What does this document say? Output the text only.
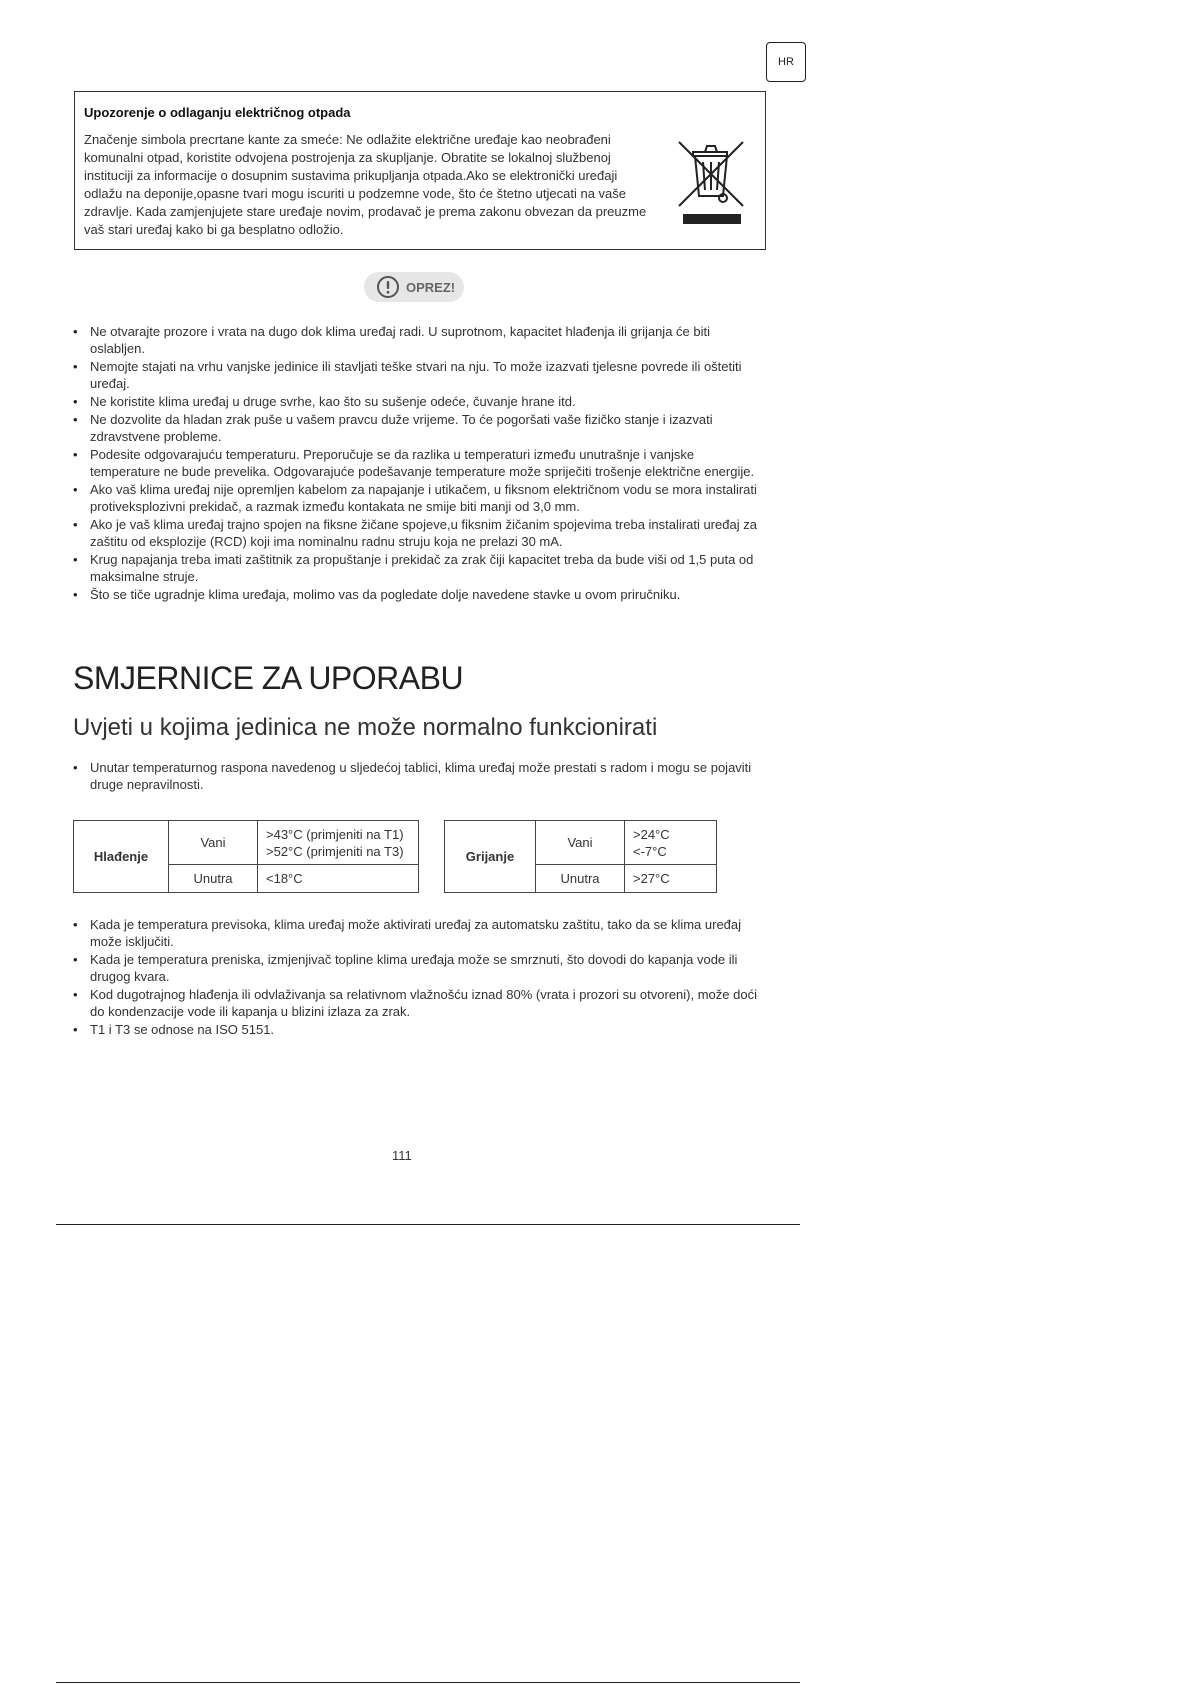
HR
Upozorenje o odlaganju električnog otpada

Značenje simbola precrtane kante za smeće: Ne odlažite električne uređaje kao neobrađeni komunalni otpad, koristite odvojena postrojenja za skupljanje. Obratite se lokalnoj službenoj instituciji za informacije o dosupnim sustavima prikupljanja otpada.Ako se elektronički uređaji odlažu na deponije,opasne tvari mogu iscuriti u podzemne vode, što će štetno utjecati na vaše zdravlje. Kada zamjenjujete stare uređaje novim, prodavač je prema zakonu obvezan da preuzme vaš stari uređaj kako bi ga besplatno odložio.

OPREZ!
• Ne otvarajte prozore i vrata na dugo dok klima uređaj radi. U suprotnom, kapacitet hlađenja ili grijanja će biti oslabljen.
• Nemojte stajati na vrhu vanjske jedinice ili stavljati teške stvari na nju. To može izazvati tjelesne povrede ili oštetiti uređaj.
• Ne koristite klima uređaj u druge svrhe, kao što su sušenje odeće, čuvanje hrane itd.
• Ne dozvolite da hladan zrak puše u vašem pravcu duže vrijeme. To će pogoršati vaše fizičko stanje i izazvati zdravstvene probleme.
• Podesite odgovarajuću temperaturu. Preporučuje se da razlika u temperaturi između unutrašnje i vanjske temperature ne bude prevelika. Odgovarajuće podešavanje temperature može spriječiti trošenje električne energije.
• Ako vaš klima uređaj nije opremljen kabelom za napajanje i utikačem, u fiksnom električnom vodu se mora instalirati protiveksplozivni prekidač, a razmak između kontakata ne smije biti manji od 3,0 mm.
• Ako je vaš klima uređaj trajno spojen na fiksne žičane spojeve,u fiksnim žičanim spojevima treba instalirati uređaj za zaštitu od eksplozije (RCD) koji ima nominalnu radnu struju koja ne prelazi 30 mA.
• Krug napajanja treba imati zaštitnik za propuštanje i prekidač za zrak čiji kapacitet treba da bude viši od 1,5 puta od maksimalne struje.
• Što se tiče ugradnje klima uređaja, molimo vas da pogledate dolje navedene stavke u ovom priručniku.
SMJERNICE ZA UPORABU
Uvjeti u kojima jedinica ne može normalno funkcionirati
• Unutar temperaturnog raspona navedenog u sljedećoj tablici, klima uređaj može prestati s radom i mogu se pojaviti druge nepravilnosti.
Hlađenje	Vani	>43°C (primjeniti na T1)
>52°C (primjeniti na T3)

	Unutra	<18°C
Grijanje	Vani	>24°C
<-7°C

	Unutra	>27°C
• Kada je temperatura previsoka, klima uređaj može aktivirati uređaj za automatsku zaštitu, tako da se klima uređaj može isključiti.
• Kada je temperatura preniska, izmjenjivač topline klima uređaja može se smrznuti, što dovodi do kapanja vode ili drugog kvara.
• Kod dugotrajnog hlađenja ili odvlaživanja sa relativnom vlažnošću iznad 80% (vrata i prozori su otvoreni), može doći do kondenzacije vode ili kapanja u blizini izlaza za zrak.
• T1 i T3 se odnose na ISO 5151.
111
